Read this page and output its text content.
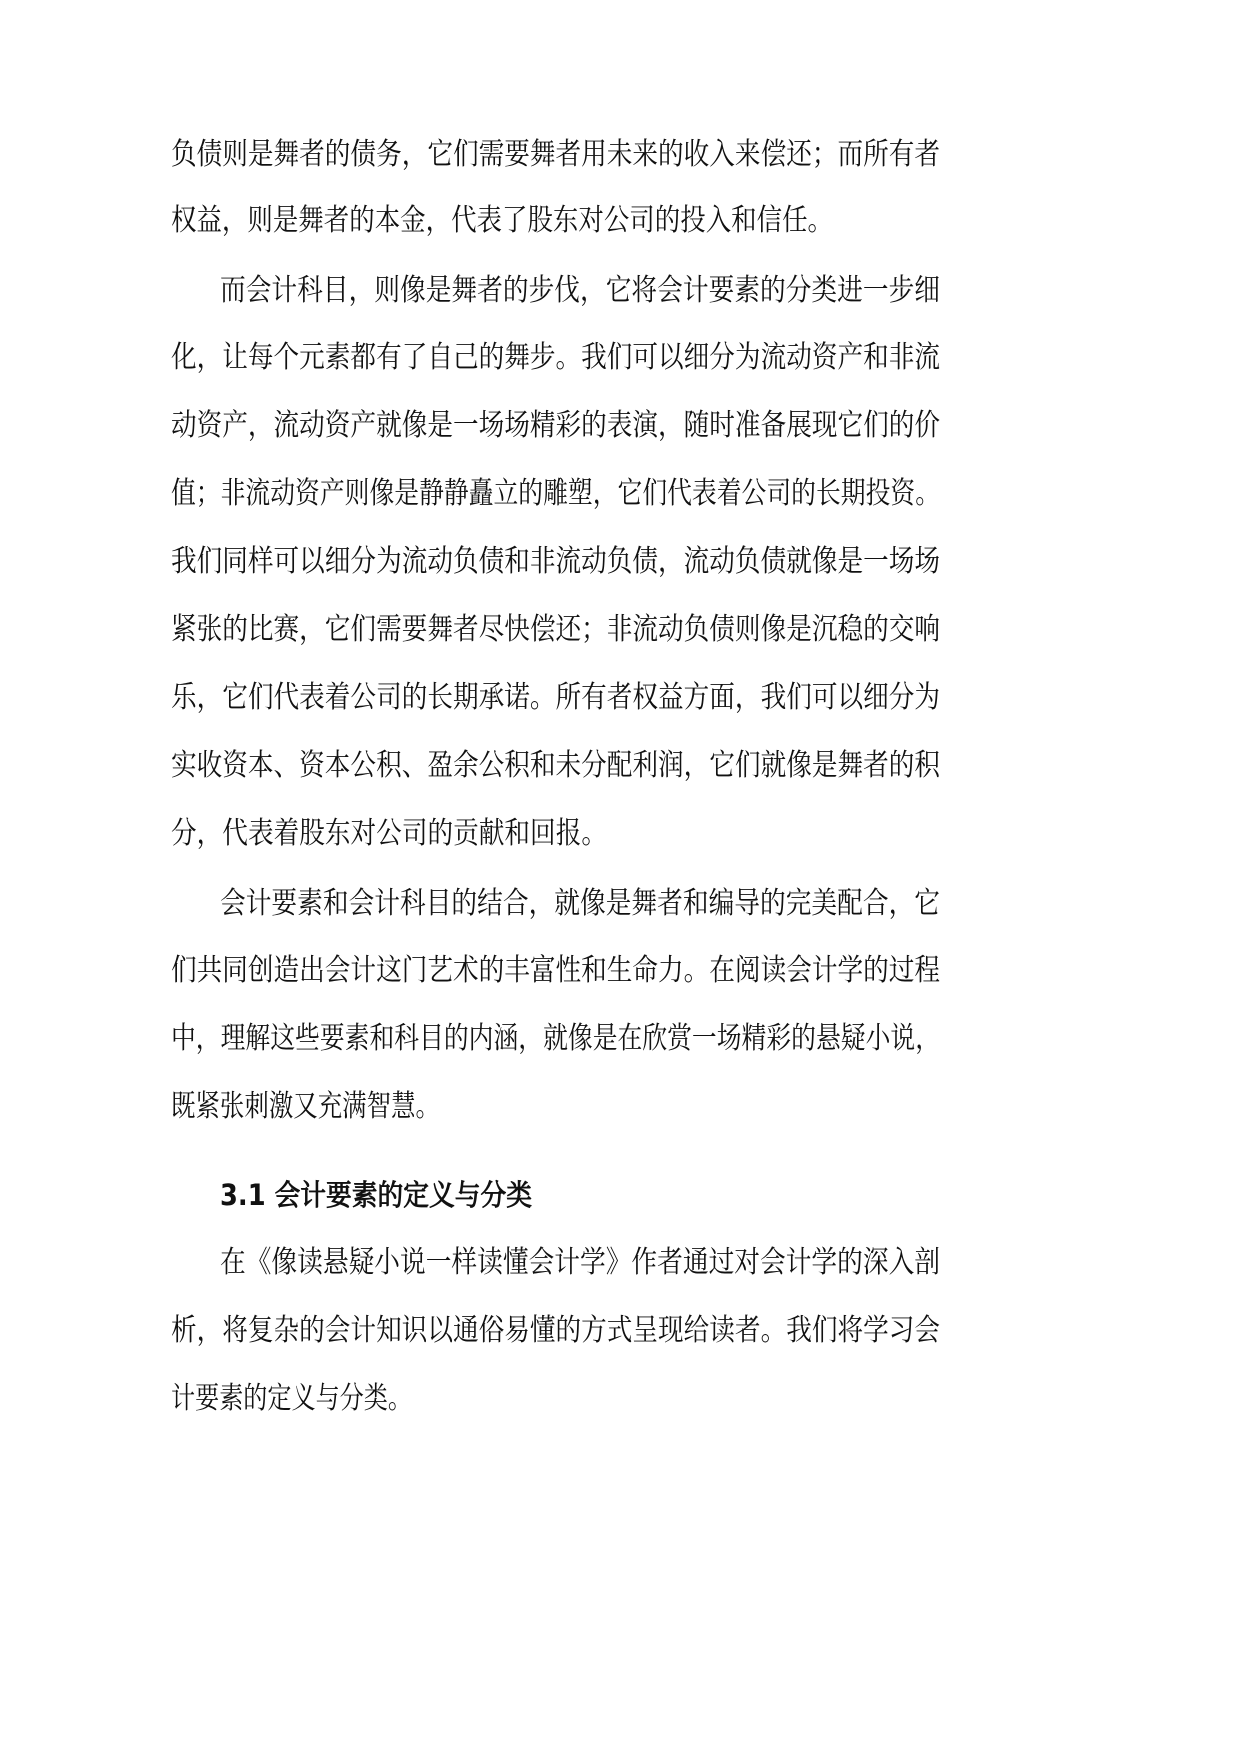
负债则是舞者的债务，它们需要舞者用未来的收入来偿还；而所有者
权益，则是舞者的本金，代表了股东对公司的投入和信任。
而会计科目，则像是舞者的步伐，它将会计要素的分类进一步细
化，让每个元素都有了自己的舞步。我们可以细分为流动资产和非流
动资产，流动资产就像是一场场精彩的表演，随时准备展现它们的价
值；非流动资产则像是静静矗立的雕塑，它们代表着公司的长期投资。
我们同样可以细分为流动负债和非流动负债，流动负债就像是一场场
紧张的比赛，它们需要舞者尽快偿还；非流动负债则像是沉稳的交响
乐，它们代表着公司的长期承诺。所有者权益方面，我们可以细分为
实收资本、资本公积、盈余公积和未分配利润，它们就像是舞者的积
分，代表着股东对公司的贡献和回报。
会计要素和会计科目的结合，就像是舞者和编导的完美配合，它
们共同创造出会计这门艺术的丰富性和生命力。在阅读会计学的过程
中，理解这些要素和科目的内涵，就像是在欣赏一场精彩的悬疑小说，
既紧张刺激又充满智慧。
3.1 会计要素的定义与分类
在《像读悬疑小说一样读懂会计学》作者通过对会计学的深入剖
析，将复杂的会计知识以通俗易懂的方式呈现给读者。我们将学习会
计要素的定义与分类。
